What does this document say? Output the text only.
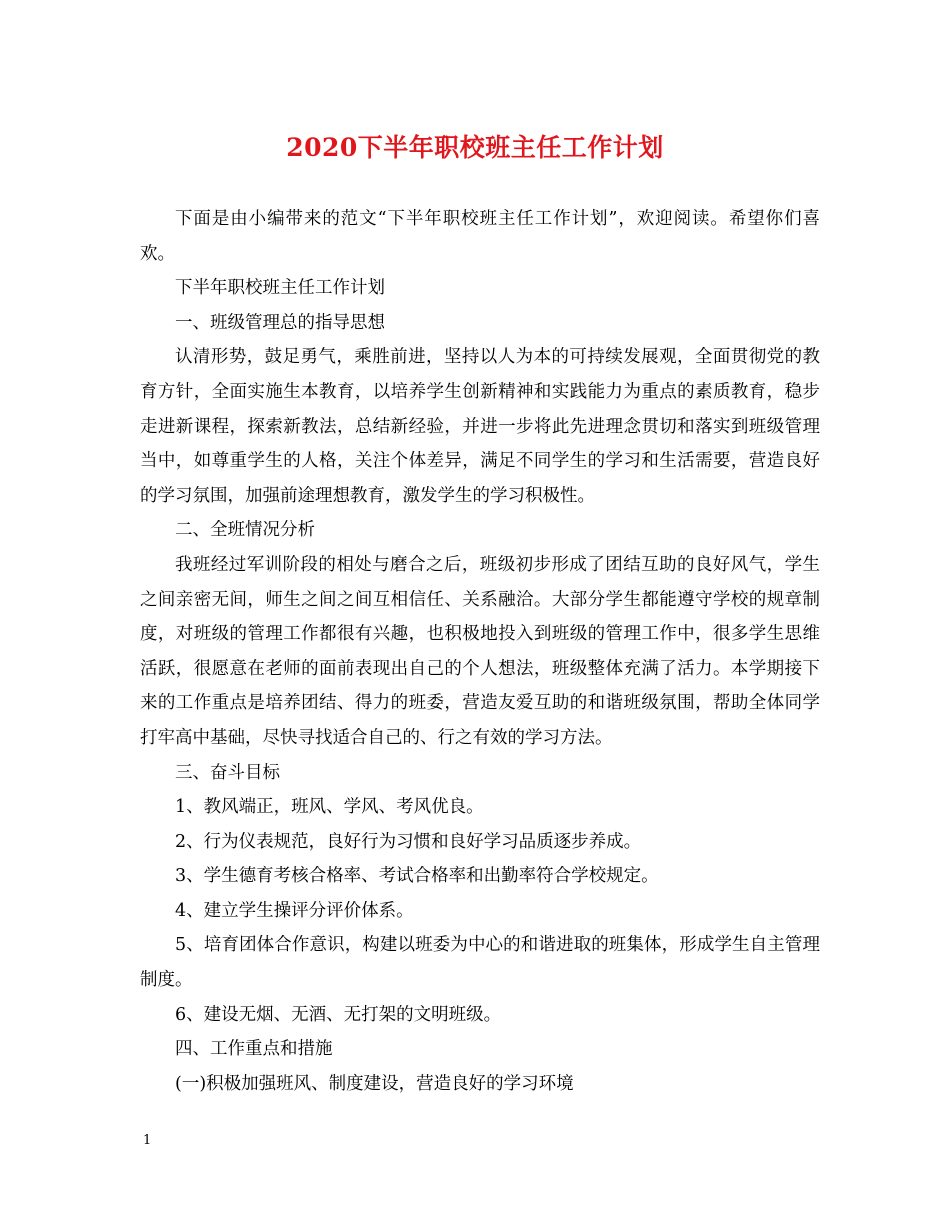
2020下半年职校班主任工作计划

下面是由小编带来的范文“下半年职校班主任工作计划”，欢迎阅读。希望你们喜欢。

下半年职校班主任工作计划

一、班级管理总的指导思想

认清形势，鼓足勇气，乘胜前进，坚持以人为本的可持续发展观，全面贯彻党的教育方针，全面实施生本教育，以培养学生创新精神和实践能力为重点的素质教育，稳步走进新课程，探索新教法，总结新经验，并进一步将此先进理念贯切和落实到班级管理当中，如尊重学生的人格，关注个体差异，满足不同学生的学习和生活需要，营造良好的学习氛围，加强前途理想教育，激发学生的学习积极性。

二、全班情况分析

我班经过军训阶段的相处与磨合之后，班级初步形成了团结互助的良好风气，学生之间亲密无间，师生之间之间互相信任、关系融洽。大部分学生都能遵守学校的规章制度，对班级的管理工作都很有兴趣，也积极地投入到班级的管理工作中，很多学生思维活跃，很愿意在老师的面前表现出自己的个人想法，班级整体充满了活力。本学期接下来的工作重点是培养团结、得力的班委，营造友爱互助的和谐班级氛围，帮助全体同学打牢高中基础，尽快寻找适合自己的、行之有效的学习方法。

三、奋斗目标

1、教风端正，班风、学风、考风优良。

2、行为仪表规范，良好行为习惯和良好学习品质逐步养成。

3、学生德育考核合格率、考试合格率和出勤率符合学校规定。

4、建立学生操评分评价体系。

5、培育团体合作意识，构建以班委为中心的和谐进取的班集体，形成学生自主管理制度。

6、建设无烟、无酒、无打架的文明班级。

四、工作重点和措施

(一)积极加强班风、制度建设，营造良好的学习环境

1
